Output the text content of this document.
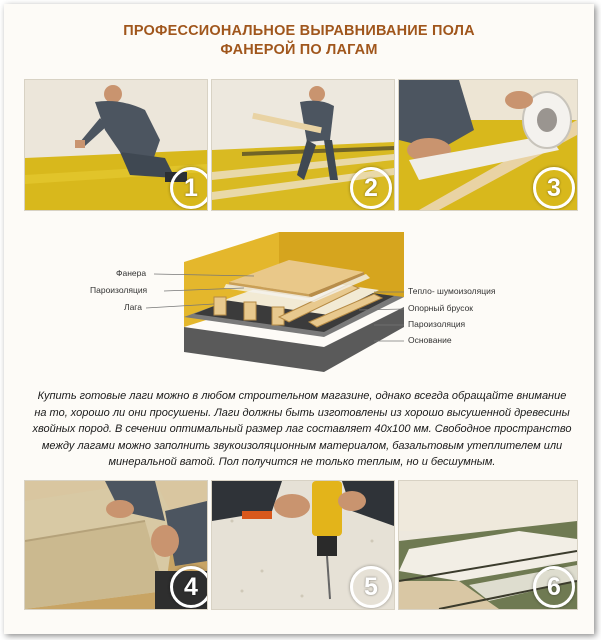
ПРОФЕССИОНАЛЬНОЕ ВЫРАВНИВАНИЕ ПОЛА
ФАНЕРОЙ ПО ЛАГАМ
1	2	3
Фанера
Пароизоляция
Лага
Тепло- шумоизоляция
Опорный брусок
Пароизоляция
Основание
Купить готовые лаги можно в любом строительном магазине, однако всегда обращайте внимание на то, хорошо ли они просушены. Лаги должны быть изготовлены из хорошо высушенной древесины хвойных пород. В сечении оптимальный размер лаг составляет 40х100 мм. Свободное пространство между лагами можно заполнить звукоизоляционным материалом, базальтовым утеплителем или минеральной ватой. Пол получится не только теплым, но и бесшумным.
4	5	6
